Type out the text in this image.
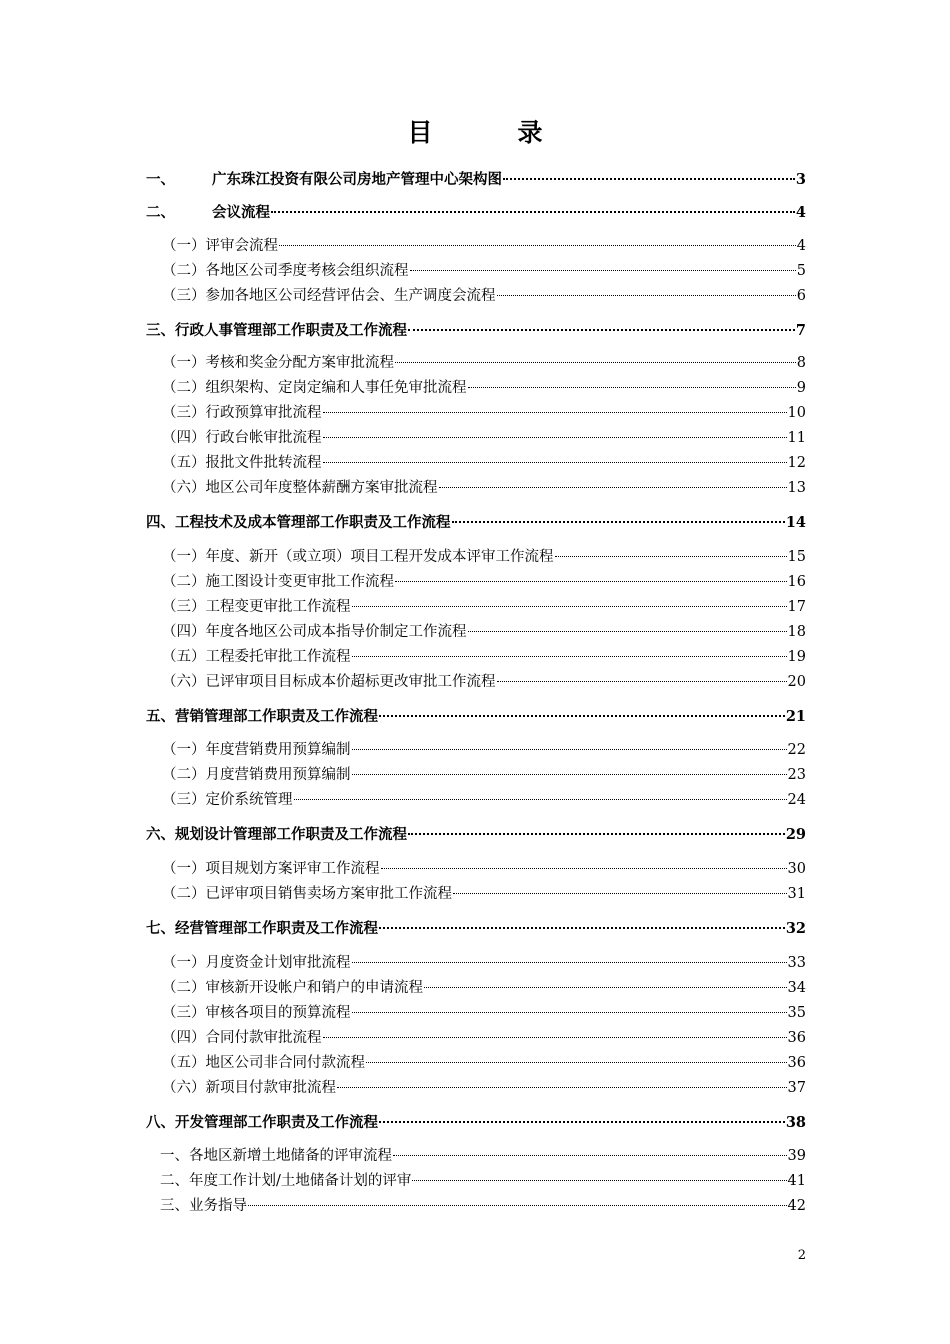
目　录
一、	广东珠江投资有限公司房地产管理中心架构图	3
二、	会议流程	4
（一） 评审会流程	4
（二） 各地区公司季度考核会组织流程	5
（三） 参加各地区公司经营评估会、生产调度会流程	6
三、 行政人事管理部工作职责及工作流程	7
（一） 考核和奖金分配方案审批流程	8
（二） 组织架构、定岗定编和人事任免审批流程	9
（三） 行政预算审批流程	10
（四） 行政台帐审批流程	11
（五） 报批文件批转流程	12
（六） 地区公司年度整体薪酬方案审批流程	13
四、 工程技术及成本管理部工作职责及工作流程	14
（一） 年度、新开（或立项）项目工程开发成本评审工作流程	15
（二） 施工图设计变更审批工作流程	16
（三） 工程变更审批工作流程	17
（四） 年度各地区公司成本指导价制定工作流程	18
（五） 工程委托审批工作流程	19
（六） 已评审项目目标成本价超标更改审批工作流程	20
五、 营销管理部工作职责及工作流程	21
（一） 年度营销费用预算编制	22
（二） 月度营销费用预算编制	23
（三） 定价系统管理	24
六、 规划设计管理部工作职责及工作流程	29
（一） 项目规划方案评审工作流程	30
（二） 已评审项目销售卖场方案审批工作流程	31
七、 经营管理部工作职责及工作流程	32
（一） 月度资金计划审批流程	33
（二） 审核新开设帐户和销户的申请流程	34
（三） 审核各项目的预算流程	35
（四） 合同付款审批流程	36
（五） 地区公司非合同付款流程	36
（六） 新项目付款审批流程	37
八、 开发管理部工作职责及工作流程	38
一、 各地区新增土地储备的评审流程	39
二、 年度工作计划/土地储备计划的评审	41
三、 业务指导	42
2
